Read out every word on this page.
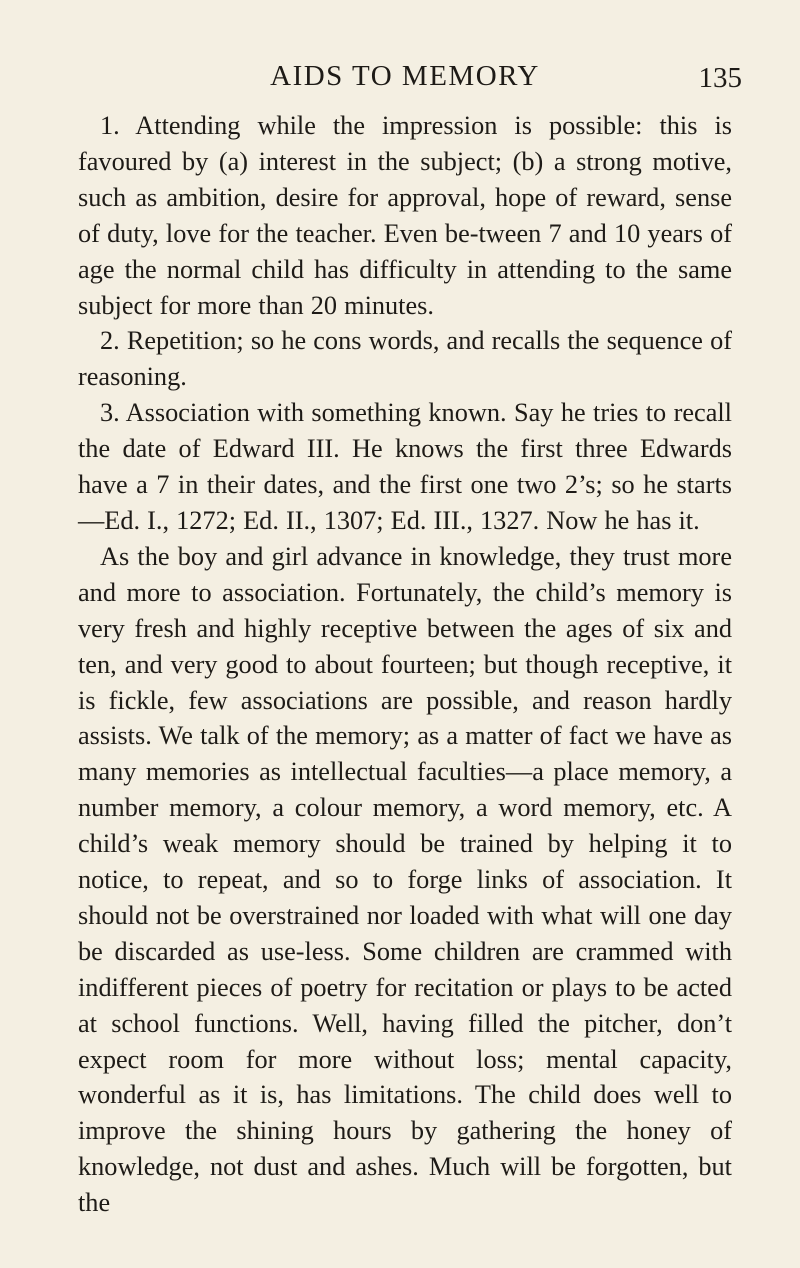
AIDS TO MEMORY	135

1. Attending while the impression is possible: this is favoured by (a) interest in the subject; (b) a strong motive, such as ambition, desire for approval, hope of reward, sense of duty, love for the teacher. Even be-tween 7 and 10 years of age the normal child has difficulty in attending to the same subject for more than 20 minutes.

2. Repetition; so he cons words, and recalls the sequence of reasoning.

3. Association with something known. Say he tries to recall the date of Edward III. He knows the first three Edwards have a 7 in their dates, and the first one two 2’s; so he starts—Ed. I., 1272; Ed. II., 1307; Ed. III., 1327. Now he has it.

As the boy and girl advance in knowledge, they trust more and more to association. Fortunately, the child’s memory is very fresh and highly receptive between the ages of six and ten, and very good to about fourteen; but though receptive, it is fickle, few associations are possible, and reason hardly assists. We talk of the memory; as a matter of fact we have as many memories as intellectual faculties—a place memory, a number memory, a colour memory, a word memory, etc. A child’s weak memory should be trained by helping it to notice, to repeat, and so to forge links of association. It should not be overstrained nor loaded with what will one day be discarded as use-less. Some children are crammed with indifferent pieces of poetry for recitation or plays to be acted at school functions. Well, having filled the pitcher, don’t expect room for more without loss; mental capacity, wonderful as it is, has limitations. The child does well to improve the shining hours by gathering the honey of knowledge, not dust and ashes. Much will be forgotten, but the
